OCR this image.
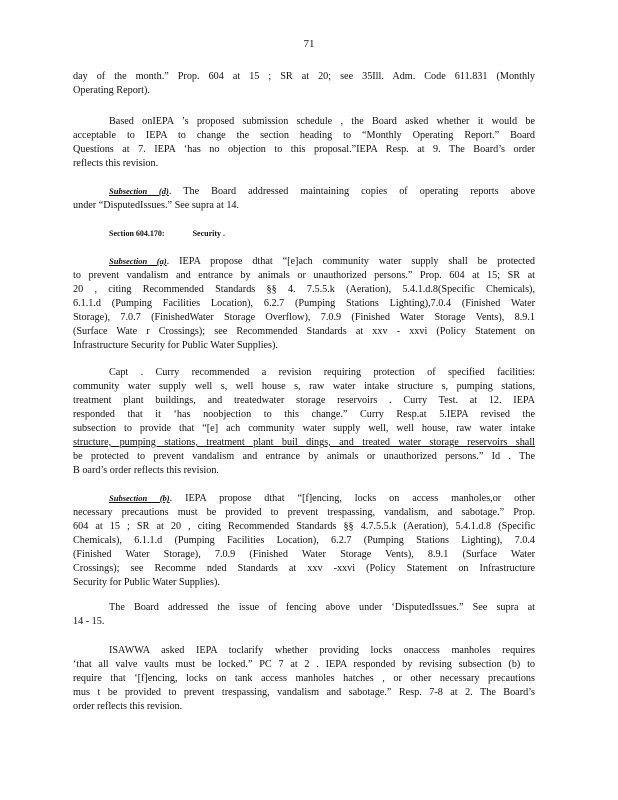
71
day of the month.” Prop. 604 at 15 ; SR at 20; see 35Ill. Adm. Code 611.831 (Monthly
Operating Report).
Based onIEPA ’s proposed submission schedule , the Board asked whether it would be
acceptable to IEPA to change the section heading to “Monthly Operating Report.” Board
Questions at 7. IEPA ‘has no objection to this proposal.”IEPA Resp. at 9. The Board’s order
reflects this revision.
Subsection (d). The Board addressed maintaining copies of operating reports above
under “DisputedIssues.” See supra at 14.
Section 604.170:	Security .
Subsection (a). IEPA propose dthat “[e]ach community water supply shall be protected
to prevent vandalism and entrance by animals or unauthorized persons.” Prop. 604 at 15; SR at
20 , citing Recommended Standards §§ 4. 7.5.5.k (Aeration), 5.4.1.d.8(Specific Chemicals),
6.1.1.d (Pumping Facilities Location), 6.2.7 (Pumping Stations Lighting),7.0.4 (Finished Water
Storage), 7.0.7 (FinishedWater Storage Overflow), 7.0.9 (Finished Water Storage Vents), 8.9.1
(Surface Wate r Crossings); see Recommended Standards at xxv - xxvi (Policy Statement on
Infrastructure Security for Public Water Supplies).
Capt . Curry recommended a revision requiring protection of specified facilities:
community water supply well s, well house s, raw water intake structure s, pumping stations,
treatment plant buildings, and treatedwater storage reservoirs . Curry Test. at 12. IEPA
responded that it ‘has noobjection to this change.” Curry Resp.at 5.IEPA revised the
subsection to provide that “[e] ach community water supply well, well house, raw water intake
structure, pumping stations, treatment plant buil dings, and treated water storage reservoirs shall
be protected to prevent vandalism and entrance by animals or unauthorized persons.” Id . The
B oard’s order reflects this revision.
Subsection (b). IEPA propose dthat “[f]encing, locks on access manholes,or other
necessary precautions must be provided to prevent trespassing, vandalism, and sabotage.” Prop.
604 at 15 ; SR at 20 , citing Recommended Standards §§ 4.7.5.5.k (Aeration), 5.4.1.d.8 (Specific
Chemicals), 6.1.1.d (Pumping Facilities Location), 6.2.7 (Pumping Stations Lighting), 7.0.4
(Finished Water Storage), 7.0.9 (Finished Water Storage Vents), 8.9.1 (Surface Water
Crossings); see Recomme nded Standards at xxv -xxvi (Policy Statement on Infrastructure
Security for Public Water Supplies).
The Board addressed the issue of fencing above under ‘DisputedIssues.” See supra at
14 - 15.
ISAWWA asked IEPA toclarify whether providing locks onaccess manholes requires
‘that all valve vaults must be locked.” PC 7 at 2 . IEPA responded by revising subsection (b) to
require that ‘[f]encing, locks on tank access manholes hatches , or other necessary precautions
mus t be provided to prevent trespassing, vandalism and sabotage.” Resp. 7-8 at 2. The Board’s
order reflects this revision.
